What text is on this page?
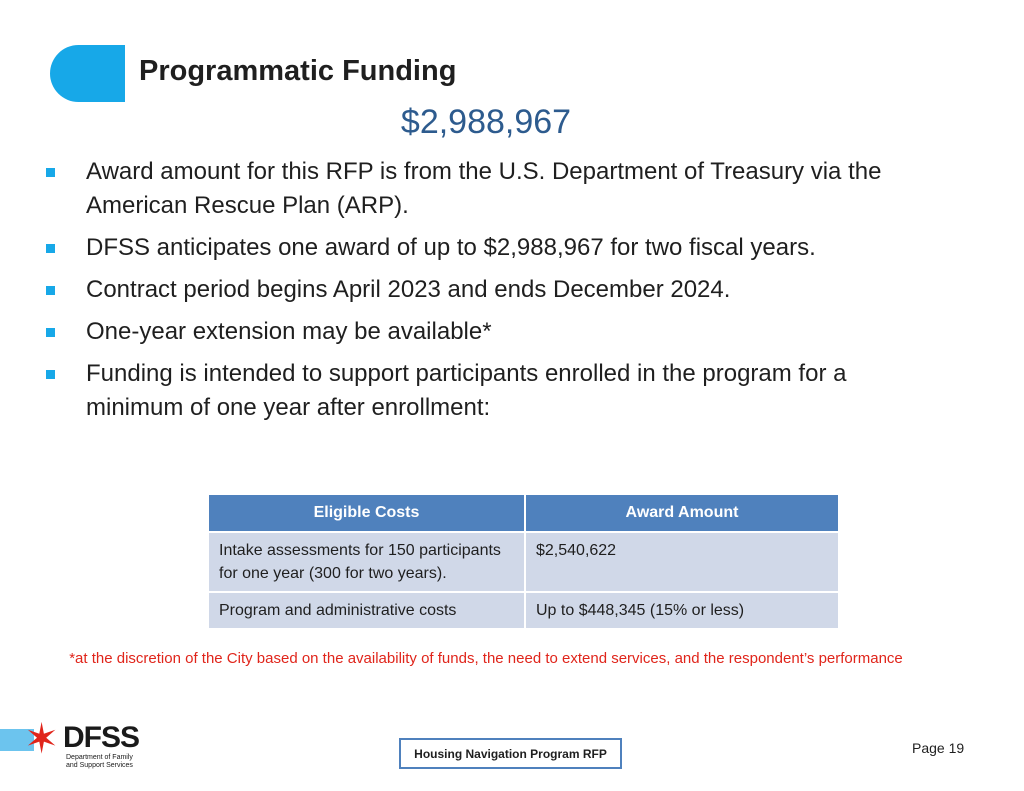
Programmatic Funding
$2,988,967
Award amount for this RFP is from the U.S. Department of Treasury via the American Rescue Plan (ARP).
DFSS anticipates one award of up to $2,988,967 for two fiscal years.
Contract period begins April 2023 and ends December 2024.
One-year extension may be available*
Funding is intended to support participants enrolled in the program for a minimum of one year after enrollment:
Eligible Costs	Award Amount
Intake assessments for 150 participants for one year (300 for two years).	$2,540,622
Program and administrative costs	Up to $448,345 (15% or less)
*at the discretion of the City based on the availability of funds, the need to extend services, and the respondent’s performance
✶ DFSS
Department of Family and Support Services
Housing Navigation Program RFP	Page 19
